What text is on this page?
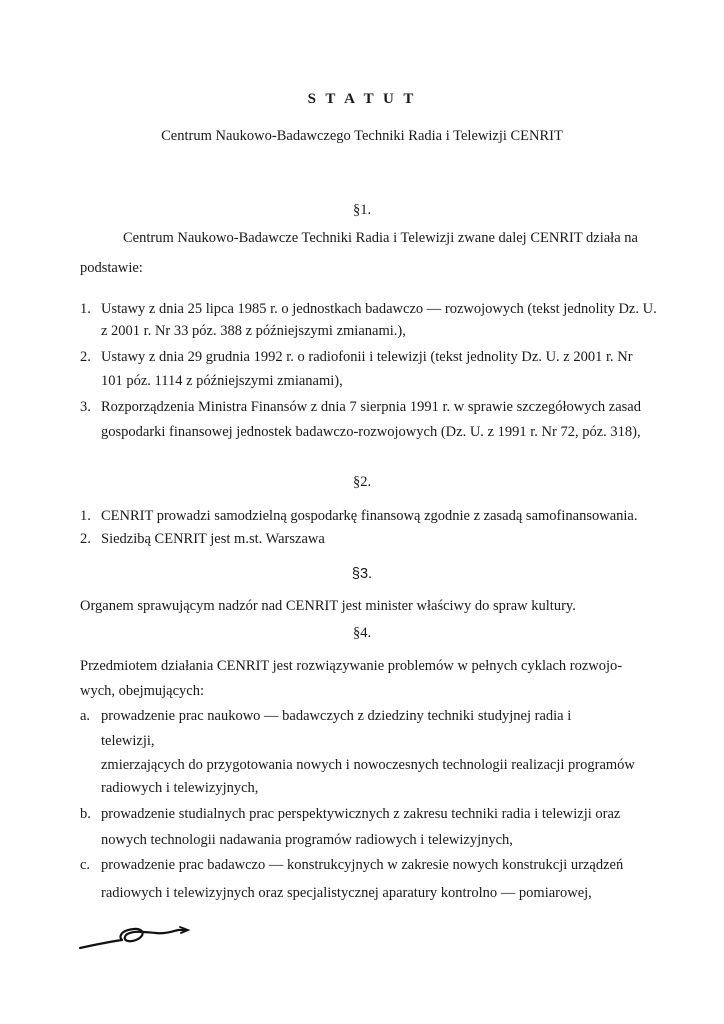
S T A T U T
Centrum Naukowo-Badawczego Techniki Radia i Telewizji CENRIT
§1.
Centrum Naukowo-Badawcze Techniki Radia i Telewizji zwane dalej CENRIT działa na
podstawie:
1. Ustawy z dnia 25 lipca 1985 r. o jednostkach badawczo — rozwojowych (tekst jednolity Dz. U.
z 2001 r. Nr 33 póz. 388 z późniejszymi zmianami.),
2. Ustawy z dnia 29 grudnia 1992 r. o radiofonii i telewizji (tekst jednolity Dz. U. z 2001 r. Nr
101 póz. 1114 z późniejszymi zmianami),
3. Rozporządzenia Ministra Finansów z dnia 7 sierpnia 1991 r. w sprawie szczegółowych zasad
gospodarki finansowej jednostek badawczo-rozwojowych (Dz. U. z 1991 r. Nr 72, póz. 318),
§2.
1. CENRIT prowadzi samodzielną gospodarkę finansową zgodnie z zasadą samofinansowania.
2. Siedzibą CENRIT jest m.st. Warszawa
§3.
Organem sprawującym nadzór nad CENRIT jest minister właściwy do spraw kultury.
§4.
Przedmiotem działania CENRIT jest rozwiązywanie problemów w pełnych cyklach rozwojo-
wych, obejmujących:
a. prowadzenie prac naukowo — badawczych z dziedziny techniki studyjnej radia i
telewizji,
zmierzających do przygotowania nowych i nowoczesnych technologii realizacji programów
radiowych i telewizyjnych,
b. prowadzenie studialnych prac perspektywicznych z zakresu techniki radia i telewizji oraz
nowych technologii nadawania programów radiowych i telewizyjnych,
c. prowadzenie prac badawczo — konstrukcyjnych w zakresie nowych konstrukcji urządzeń
radiowych i telewizyjnych oraz specjalistycznej aparatury kontrolno — pomiarowej,
